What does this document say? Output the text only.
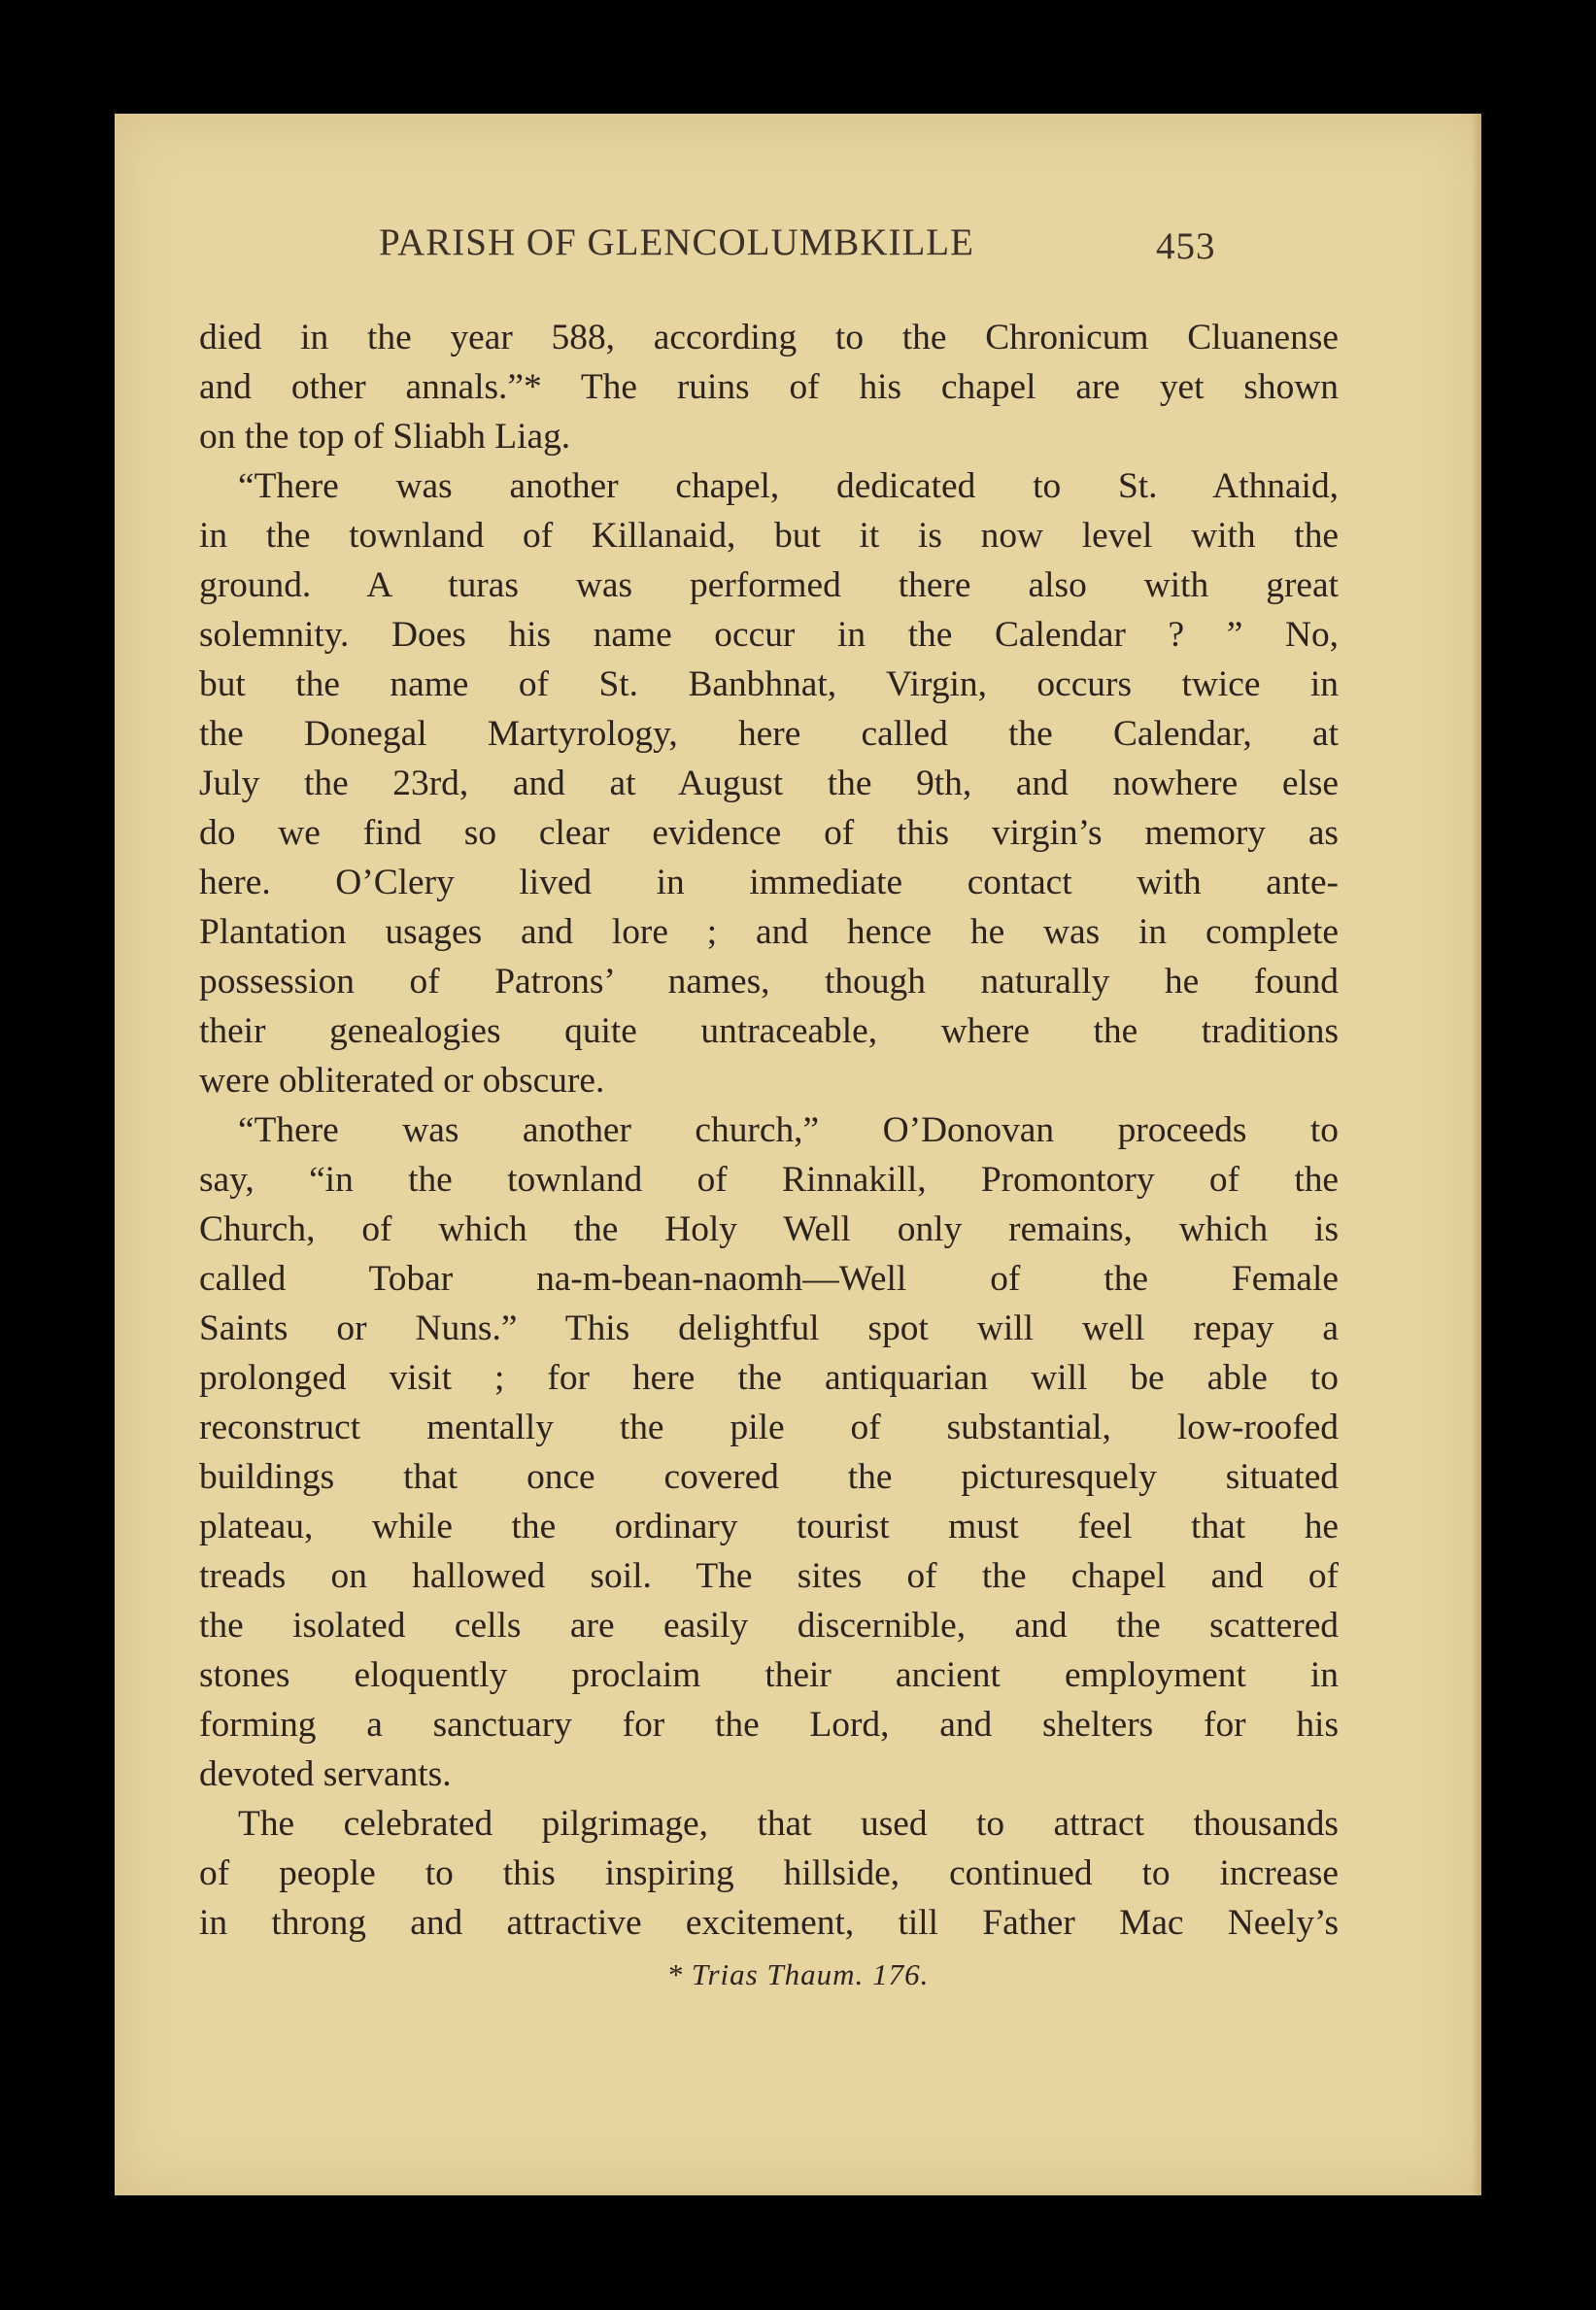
PARISH OF GLENCOLUMBKILLE	453
died in the year 588, according to the Chronicum Cluanense
and other annals.”* The ruins of his chapel are yet shown
on the top of Sliabh Liag.
“There was another chapel, dedicated to St. Athnaid,
in the townland of Killanaid, but it is now level with the
ground. A turas was performed there also with great
solemnity. Does his name occur in the Calendar ? ” No,
but the name of St. Banbhnat, Virgin, occurs twice in
the Donegal Martyrology, here called the Calendar, at
July the 23rd, and at August the 9th, and nowhere else
do we find so clear evidence of this virgin’s memory as
here. O’Clery lived in immediate contact with ante-
Plantation usages and lore ; and hence he was in complete
possession of Patrons’ names, though naturally he found
their genealogies quite untraceable, where the traditions
were obliterated or obscure.
“There was another church,” O’Donovan proceeds to
say, “in the townland of Rinnakill, Promontory of the
Church, of which the Holy Well only remains, which is
called Tobar na-m-bean-naomh—Well of the Female
Saints or Nuns.” This delightful spot will well repay a
prolonged visit ; for here the antiquarian will be able to
reconstruct mentally the pile of substantial, low-roofed
buildings that once covered the picturesquely situated
plateau, while the ordinary tourist must feel that he
treads on hallowed soil. The sites of the chapel and of
the isolated cells are easily discernible, and the scattered
stones eloquently proclaim their ancient employment in
forming a sanctuary for the Lord, and shelters for his
devoted servants.
The celebrated pilgrimage, that used to attract thousands
of people to this inspiring hillside, continued to increase
in throng and attractive excitement, till Father Mac Neely’s
* Trias Thaum. 176.
